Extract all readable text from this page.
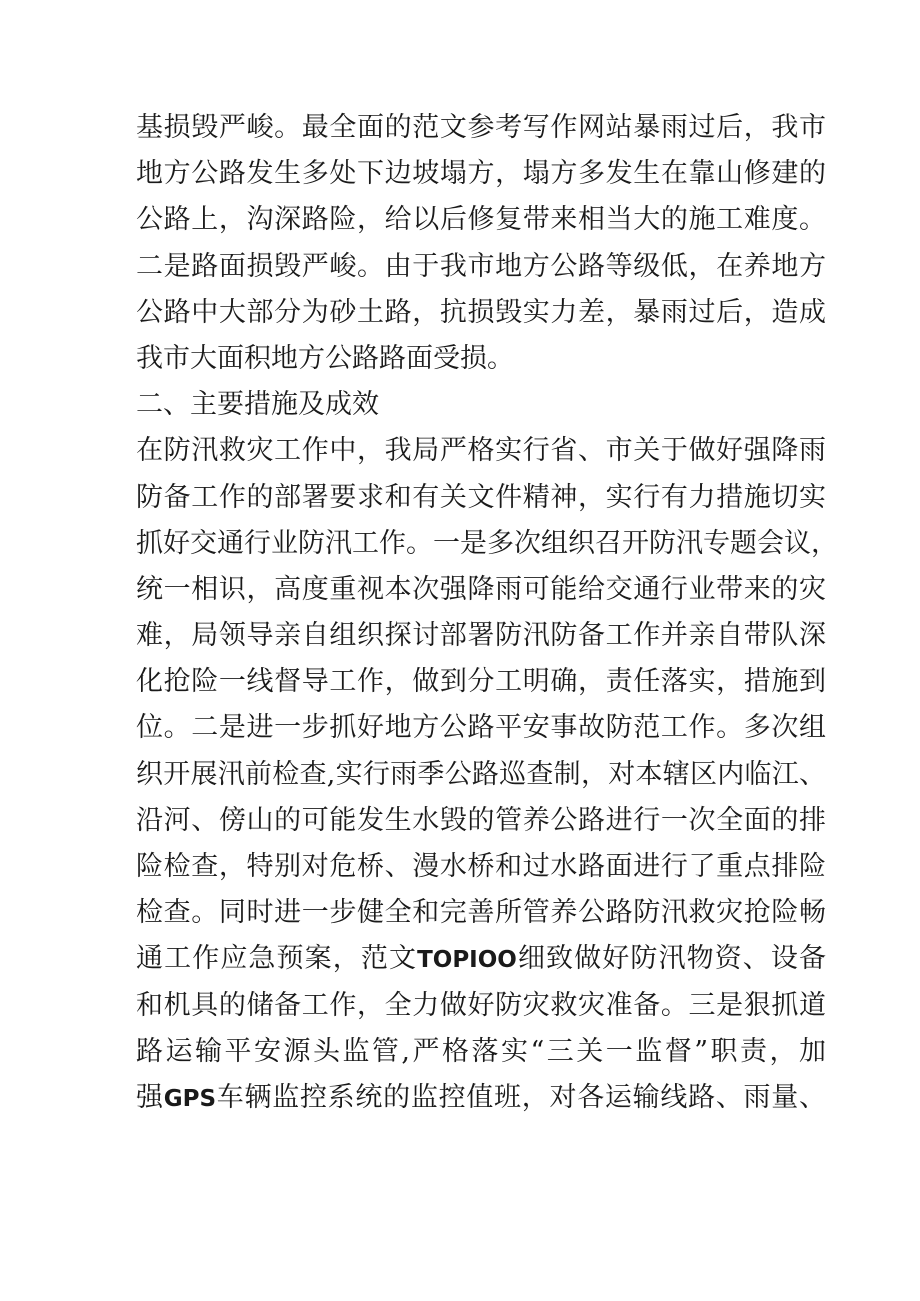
基损毁严峻。最全面的范文参考写作网站暴雨过后，我市
地方公路发生多处下边坡塌方，塌方多发生在靠山修建的
公路上，沟深路险，给以后修复带来相当大的施工难度。
二是路面损毁严峻。由于我市地方公路等级低，在养地方
公路中大部分为砂土路，抗损毁实力差，暴雨过后，造成
我市大面积地方公路路面受损。
二、主要措施及成效
在防汛救灾工作中，我局严格实行省、市关于做好强降雨
防备工作的部署要求和有关文件精神，实行有力措施切实
抓好交通行业防汛工作。一是多次组织召开防汛专题会议，
统一相识，高度重视本次强降雨可能给交通行业带来的灾
难，局领导亲自组织探讨部署防汛防备工作并亲自带队深
化抢险一线督导工作，做到分工明确，责任落实，措施到
位。二是进一步抓好地方公路平安事故防范工作。多次组
织开展汛前检查,实行雨季公路巡查制，对本辖区内临江、
沿河、傍山的可能发生水毁的管养公路进行一次全面的排
险检查，特别对危桥、漫水桥和过水路面进行了重点排险
检查。同时进一步健全和完善所管养公路防汛救灾抢险畅
通工作应急预案，范文TOPIOO细致做好防汛物资、设备
和机具的储备工作，全力做好防灾救灾准备。三是狠抓道
路运输平安源头监管,严格落实“三关一监督”职责，加
强GPS车辆监控系统的监控值班，对各运输线路、雨量、
